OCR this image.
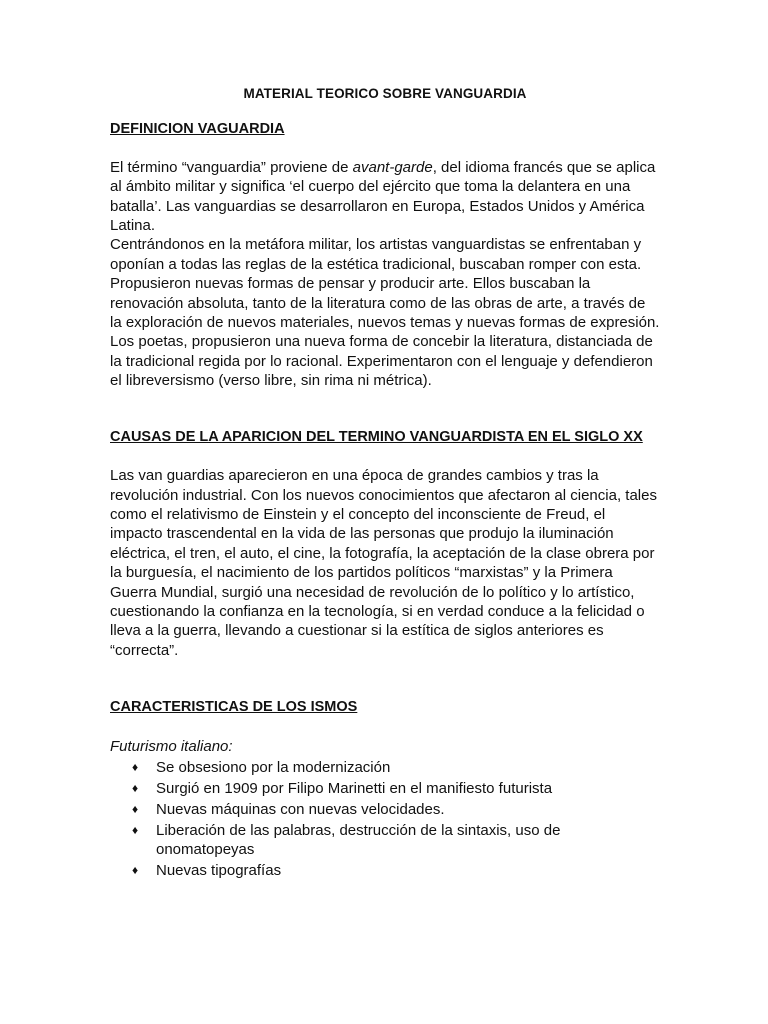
MATERIAL TEORICO SOBRE VANGUARDIA
DEFINICION VAGUARDIA

El término “vanguardia” proviene de avant-garde, del idioma francés que se aplica al ámbito militar y significa ‘el cuerpo del ejército que toma la delantera en una batalla’. Las vanguardias se desarrollaron en Europa, Estados Unidos y América Latina.

Centrándonos en la metáfora militar, los artistas vanguardistas se enfrentaban y oponían a todas las reglas de la estética tradicional, buscaban romper con esta.

Propusieron nuevas formas de pensar y producir arte. Ellos buscaban la renovación absoluta, tanto de la literatura como de las obras de arte, a través de la exploración de nuevos materiales, nuevos temas y nuevas formas de expresión.

Los poetas, propusieron una nueva forma de concebir la literatura, distanciada de la tradicional regida por lo racional. Experimentaron con el lenguaje y defendieron el libreversismo (verso libre, sin rima ni métrica).

CAUSAS DE LA APARICION DEL TERMINO VANGUARDISTA EN EL SIGLO XX

Las van guardias aparecieron en una época de grandes cambios y tras la revolución industrial. Con los nuevos conocimientos que afectaron al ciencia, tales como el relativismo de Einstein y el concepto del inconsciente de Freud, el impacto trascendental en la vida de las personas que produjo la iluminación eléctrica, el tren, el auto, el cine, la fotografía, la aceptación de la clase obrera por la burguesía, el nacimiento de los partidos políticos “marxistas” y la Primera Guerra Mundial, surgió una necesidad de revolución de lo político y lo artístico, cuestionando la confianza en la tecnología, si en verdad conduce a la felicidad o lleva a la guerra, llevando a cuestionar si la estítica de siglos anteriores es “correcta”.

CARACTERISTICAS DE LOS ISMOS

Futurismo italiano:

♦ Se obsesiono por la modernización
♦ Surgió en 1909 por Filipo Marinetti en el manifiesto futurista
♦ Nuevas máquinas con nuevas velocidades.
♦ Liberación de las palabras, destrucción de la sintaxis, uso de onomatopeyas
♦ Nuevas tipografías
